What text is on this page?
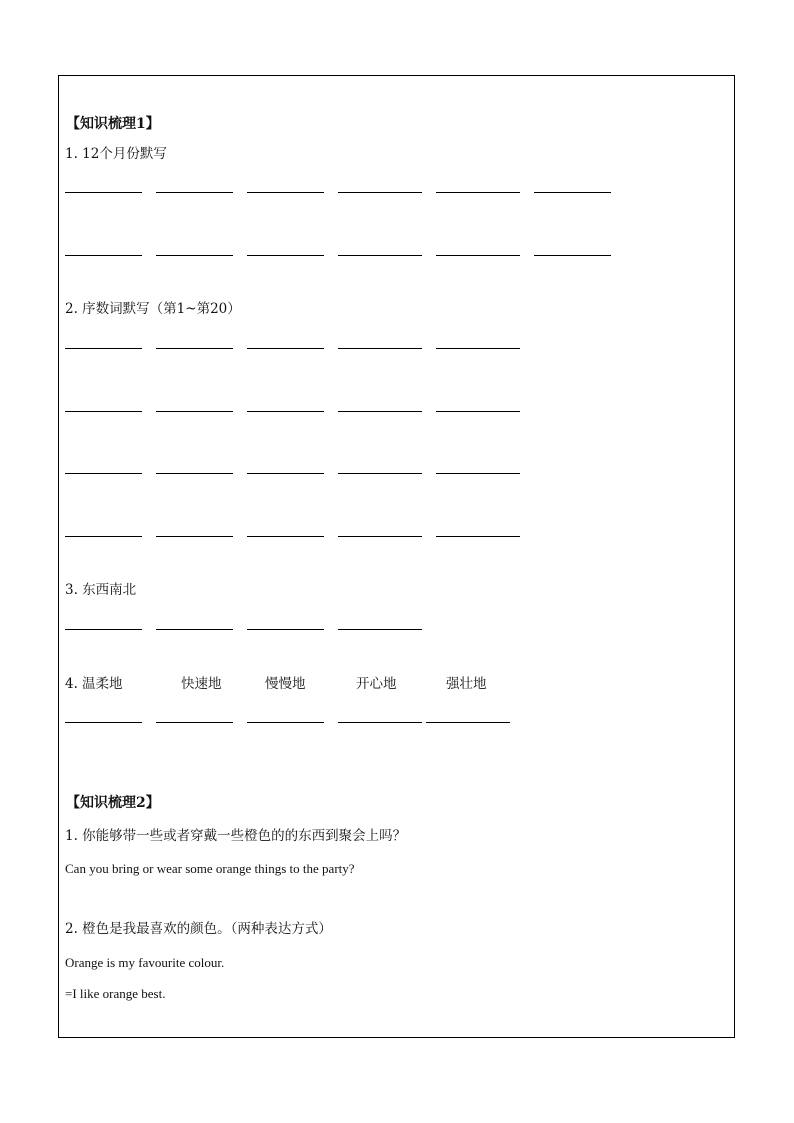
【知识梳理1】
1. 12个月份默写
2. 序数词默写（第1~第20）
3. 东西南北
4. 温柔地	快速地	慢慢地	开心地	强壮地
【知识梳理2】
1. 你能够带一些或者穿戴一些橙色的的东西到聚会上吗？
Can you bring or wear some orange things to the party?
2. 橙色是我最喜欢的颜色。（两种表达方式）
Orange is my favourite colour.
=I like orange best.
